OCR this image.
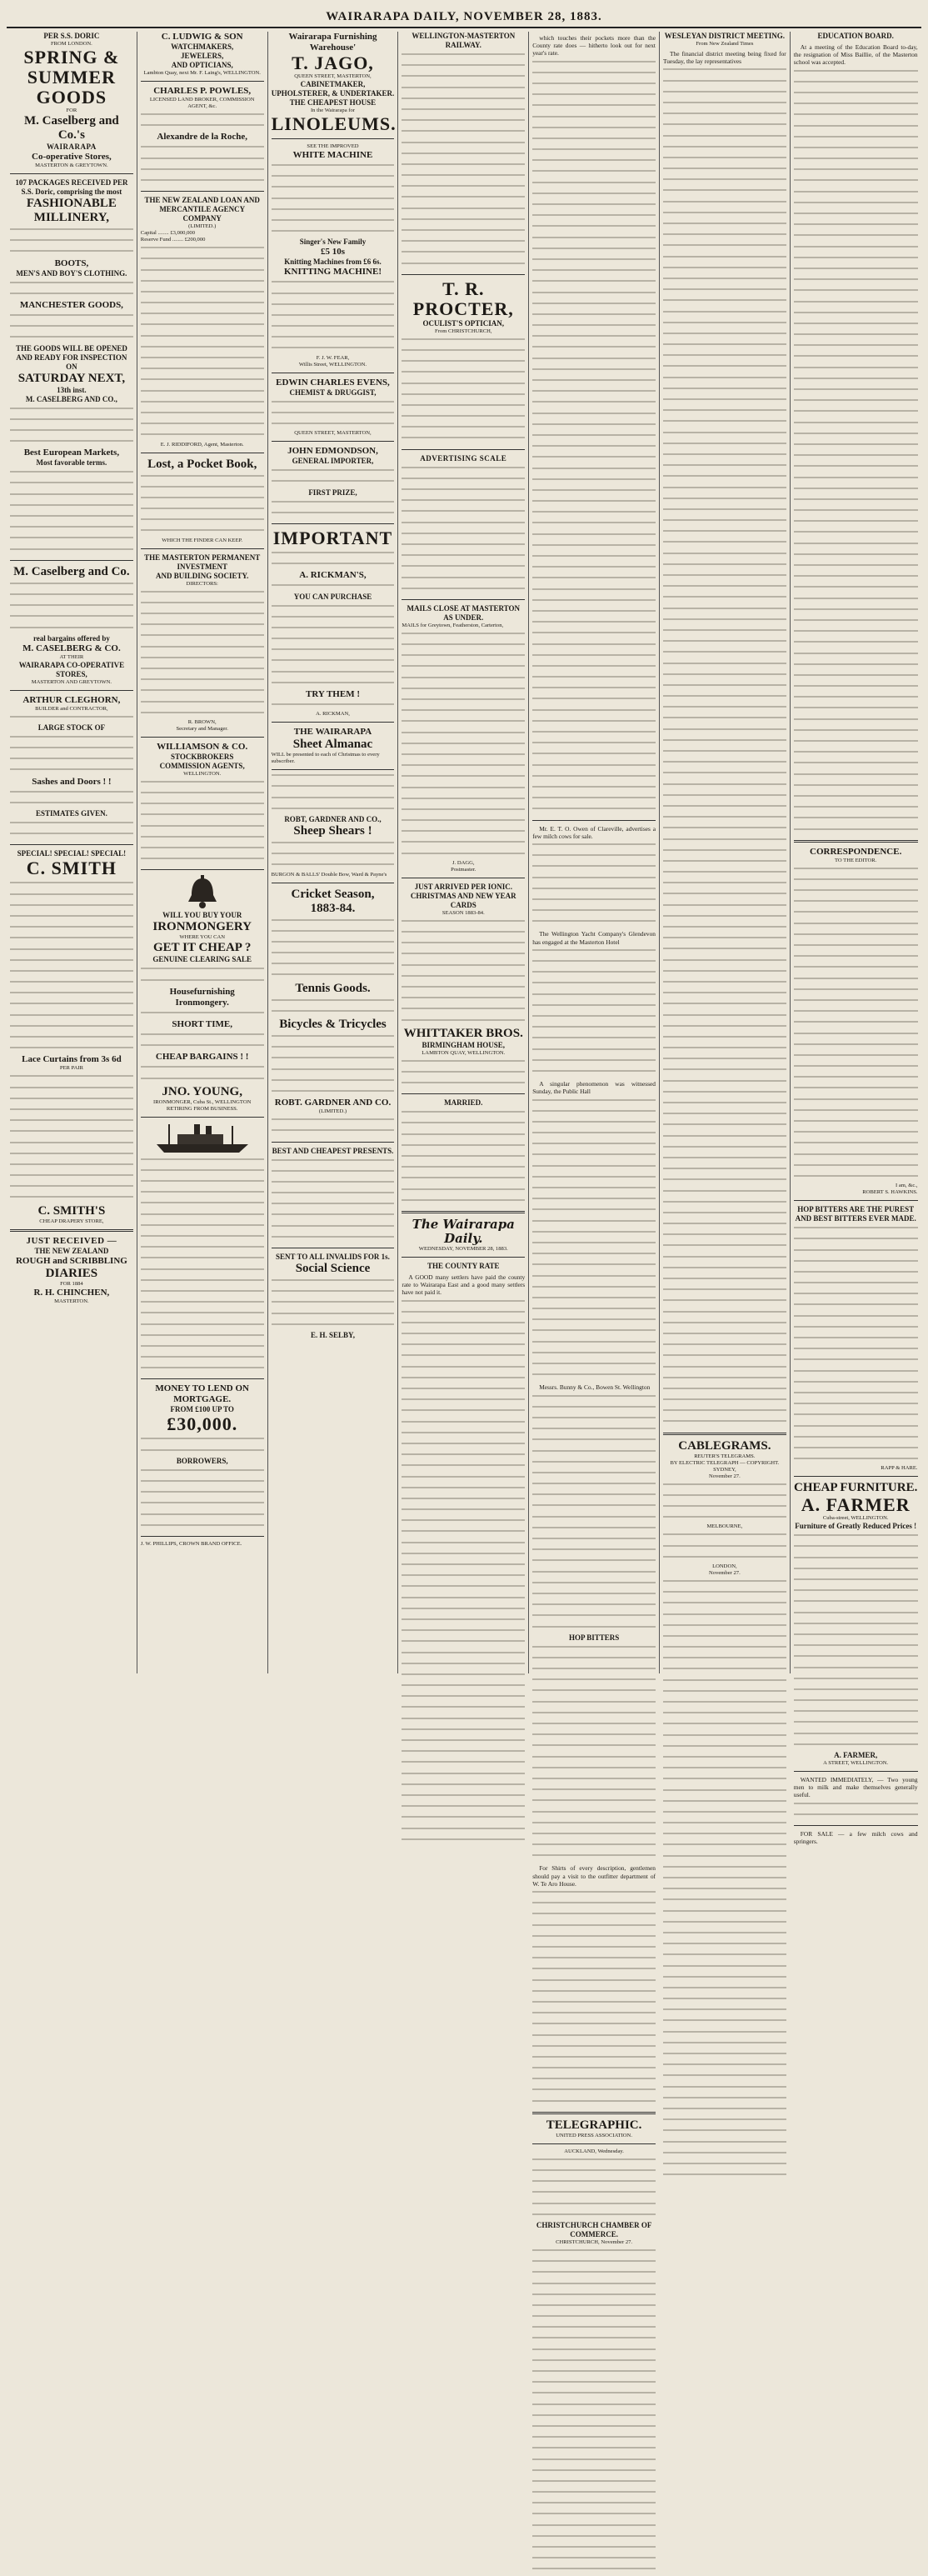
WAIRARAPA DAILY, NOVEMBER 28, 1883.
PER S.S. DORIC
FROM LONDON.
SPRING &
SUMMER
GOODS
FOR
M. Caselberg and Co.'s
WAIRARAPA
Co-operative Stores,
MASTERTON & GREYTOWN.
107 PACKAGES RECEIVED PER S.S. Doric, comprising the most
FASHIONABLE
MILLINERY,
BOOTS,
MEN'S AND BOY'S CLOTHING.
MANCHESTER GOODS,
THE GOODS WILL BE OPENED AND READY FOR INSPECTION ON
SATURDAY NEXT,
13th inst.
M. CASELBERG AND CO.,
Best European Markets,
Most favorable terms.
M. Caselberg and Co.
real bargains offered by
M. CASELBERG & CO.
AT THEIR
WAIRARAPA CO-OPERATIVE STORES,
MASTERTON AND GREYTOWN.
ARTHUR CLEGHORN,
BUILDER and CONTRACTOR,
LARGE STOCK OF
Sashes and Doors ! !
ESTIMATES GIVEN.
SPECIAL! SPECIAL! SPECIAL!
C. SMITH
Lace Curtains from 3s 6d
PER PAIR
C. SMITH'S
CHEAP DRAPERY STORE,
JUST RECEIVED —
THE NEW ZEALAND
ROUGH and SCRIBBLING
DIARIES
FOR 1884
R. H. CHINCHEN,
MASTERTON.
C. LUDWIG & SON
WATCHMAKERS,
JEWELERS,
AND OPTICIANS,
Lambton Quay, next Mr. F. Laing's, WELLINGTON.
CHARLES P. POWLES,
LICENSED LAND BROKER, COMMISSION AGENT, &c.
Alexandre de la Roche,
THE NEW ZEALAND LOAN AND MERCANTILE AGENCY COMPANY
(LIMITED.)
Capital ........ £3,000,000
Reserve Fund ........ £200,000
E. J. RIDDIFORD, Agent, Masterton.
Lost, a Pocket Book,
WHICH THE FINDER CAN KEEP.
THE MASTERTON PERMANENT INVESTMENT
AND BUILDING SOCIETY.
DIRECTORS:
R. BROWN,
Secretary and Manager.
WILLIAMSON & CO.
STOCKBROKERS
COMMISSION AGENTS,
WELLINGTON.
WILL YOU BUY YOUR
IRONMONGERY
WHERE YOU CAN
GET IT CHEAP ?
GENUINE CLEARING SALE
Housefurnishing
Ironmongery.
SHORT TIME,
CHEAP BARGAINS ! !
JNO. YOUNG,
IRONMONGER, Cuba St., WELLINGTON
RETIRING FROM BUSINESS.
MONEY TO LEND ON MORTGAGE.
FROM £100 UP TO
£30,000.
BORROWERS,
J. W. PHILLIPS, CROWN BRAND OFFICE.
Wairarapa Furnishing
Warehouse'
T. JAGO,
QUEEN STREET, MASTERTON,
CABINETMAKER, UPHOLSTERER, & UNDERTAKER.
THE CHEAPEST HOUSE
In the Wairarapa for
LINOLEUMS.
SEE THE IMPROVED
WHITE MACHINE
Singer's New Family
£5 10s
Knitting Machines from £6 6s.
KNITTING MACHINE!
F. J. W. FEAR,
Willis Street, WELLINGTON.
EDWIN CHARLES EVENS,
CHEMIST & DRUGGIST,
QUEEN STREET, MASTERTON,
JOHN EDMONDSON,
GENERAL IMPORTER,
FIRST PRIZE,
IMPORTANT
A. RICKMAN'S,
YOU CAN PURCHASE
TRY THEM !
A. RICKMAN,
THE WAIRARAPA
Sheet Almanac
WILL be presented to each of Christmas to every subscriber.
ROBT, GARDNER AND CO.,
Sheep Shears !
BURGON & BALLS' Double Bow, Ward & Payne's
Cricket Season,
1883-84.
Tennis Goods.
Bicycles & Tricycles
ROBT. GARDNER AND CO.
(LIMITED.)
BEST AND CHEAPEST PRESENTS.
SENT TO ALL INVALIDS FOR 1s.
Social Science
E. H. SELBY,
WELLINGTON-MASTERTON RAILWAY.
T. R. PROCTER,
OCULIST'S OPTICIAN,
From CHRISTCHURCH,
ADVERTISING SCALE
MAILS CLOSE AT MASTERTON AS UNDER.
MAILS for Greytown, Featherston, Carterton,
J. DAGG,
Postmaster.
JUST ARRIVED PER IONIC.
CHRISTMAS AND NEW YEAR CARDS
SEASON 1883-84.
WHITTAKER BROS.
BIRMINGHAM HOUSE,
LAMBTON QUAY, WELLINGTON.
MARRIED.
The Wairarapa Daily.
WEDNESDAY, NOVEMBER 28, 1883.
THE COUNTY RATE
A GOOD many settlers have paid the county rate to Wairarapa East and a good many settlers have not paid it.
which touches their pockets more than the County rate does — hitherto look out for next year's rate.
Mr. E. T. O. Owen of Clareville, advertises a few milch cows for sale.
The Wellington Yacht Company's Glendevon has engaged at the Masterton Hotel
A singular phenomenon was witnessed Sunday, the Public Hall
Messrs. Bunny & Co., Bowen St. Wellington
HOP BITTERS
For Shirts of every description, gentlemen should pay a visit to the outfitter department of W. Te Aro House.
TELEGRAPHIC.
UNITED PRESS ASSOCIATION.
AUCKLAND, Wednesday.
CHRISTCHURCH CHAMBER OF COMMERCE.
CHRISTCHURCH, November 27.
WESLEYAN DISTRICT MEETING.
From New Zealand Times
The financial district meeting being fixed for Tuesday, the lay representatives
CABLEGRAMS.
REUTER'S TELEGRAMS.
BY ELECTRIC TELEGRAPH — COPYRIGHT.
SYDNEY,
November 27.
MELBOURNE,
LONDON,
November 27.
EDUCATION BOARD.
At a meeting of the Education Board to-day, the resignation of Miss Baillie, of the Masterton school was accepted.
CORRESPONDENCE.
TO THE EDITOR.
I am, &c.,
ROBERT S. HAWKINS.
HOP BITTERS ARE THE PUREST AND BEST BITTERS EVER MADE.
RAPP & HARE.
CHEAP FURNITURE.
A. FARMER
Cuba-street, WELLINGTON.
Furniture of Greatly Reduced Prices !
A. FARMER,
A STREET, WELLINGTON.
WANTED IMMEDIATELY, — Two young men to milk and make themselves generally useful.
FOR SALE — a few milch cows and springers.
